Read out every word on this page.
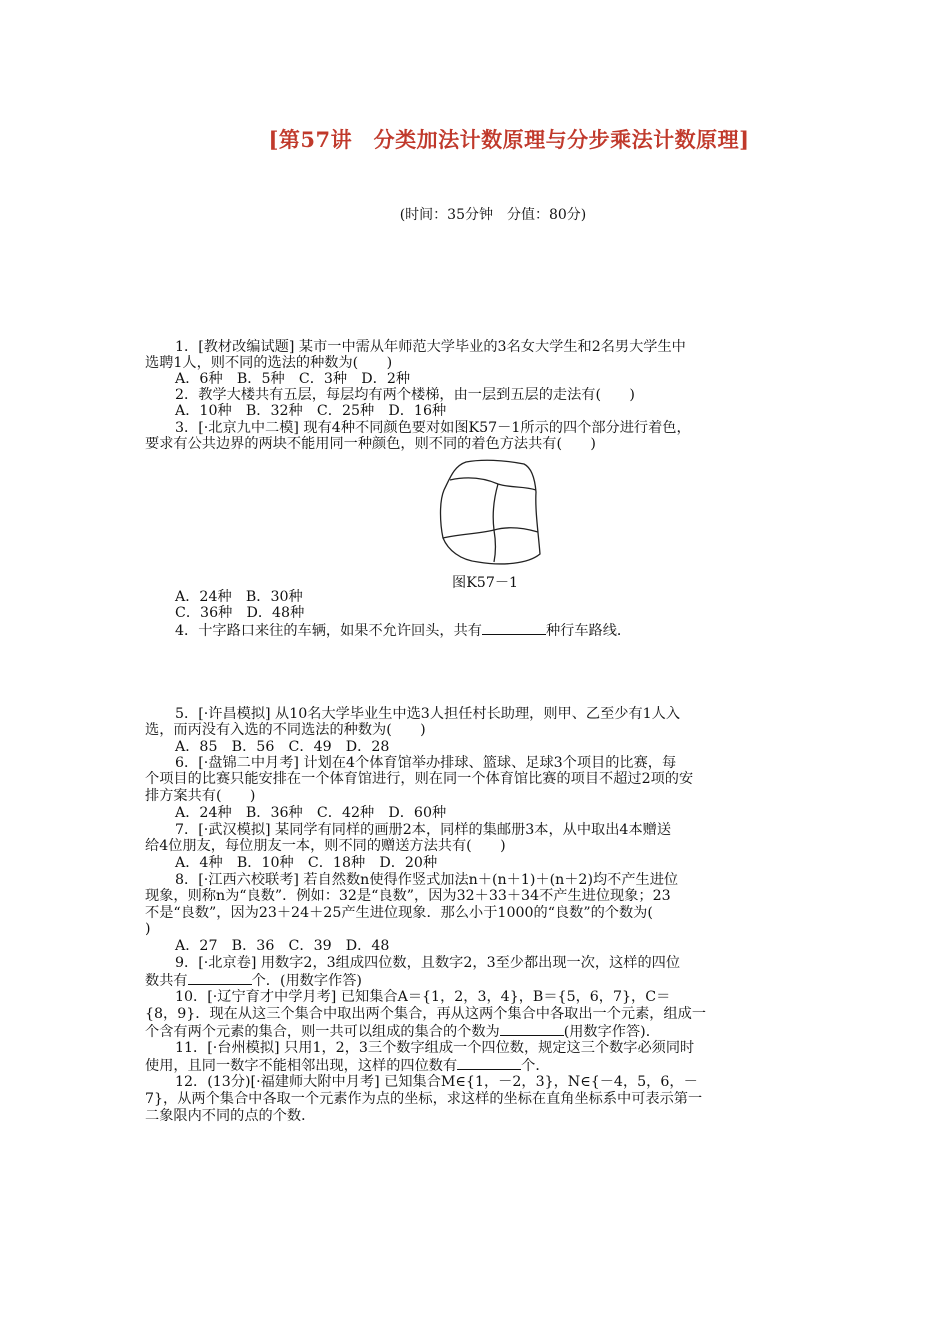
[第57讲　分类加法计数原理与分步乘法计数原理]
(时间：35分钟　分值：80分)
1．[教材改编试题] 某市一中需从年师范大学毕业的3名女大学生和2名男大学生中
选聘1人，则不同的选法的种数为(　　)
A．6种　B．5种　C．3种　D．2种
2．教学大楼共有五层，每层均有两个楼梯，由一层到五层的走法有(　　)
A．10种　B．32种　C．25种　D．16种
3．[·北京九中二模] 现有4种不同颜色要对如图K57－1所示的四个部分进行着色，
要求有公共边界的两块不能用同一种颜色，则不同的着色方法共有(　　)
图K57－1
A．24种　B．30种
C．36种　D．48种
4．十字路口来往的车辆，如果不允许回头，共有	种行车路线．
5．[·许昌模拟] 从10名大学毕业生中选3人担任村长助理，则甲、乙至少有1人入
选，而丙没有入选的不同选法的种数为(　　)
A．85　B．56　C．49　D．28
6．[·盘锦二中月考] 计划在4个体育馆举办排球、篮球、足球3个项目的比赛，每
个项目的比赛只能安排在一个体育馆进行，则在同一个体育馆比赛的项目不超过2项的安
排方案共有(　　)
A．24种　B．36种　C．42种　D．60种
7．[·武汉模拟] 某同学有同样的画册2本，同样的集邮册3本，从中取出4本赠送
给4位朋友，每位朋友一本，则不同的赠送方法共有(　　)
A．4种　B．10种　C．18种　D．20种
8．[·江西六校联考] 若自然数n使得作竖式加法n＋(n＋1)＋(n＋2)均不产生进位
现象，则称n为“良数”．例如：32是“良数”，因为32＋33＋34不产生进位现象；23
不是“良数”，因为23＋24＋25产生进位现象．那么小于1000的“良数”的个数为(
)
A．27　B．36　C．39　D．48
9．[·北京卷] 用数字2，3组成四位数，且数字2，3至少都出现一次，这样的四位
数共有	个．(用数字作答)
10．[·辽宁育才中学月考] 已知集合A＝{1，2，3，4}，B＝{5，6，7}，C＝
{8，9}．现在从这三个集合中取出两个集合，再从这两个集合中各取出一个元素，组成一
个含有两个元素的集合，则一共可以组成的集合的个数为	(用数字作答)．
11．[·台州模拟] 只用1，2，3三个数字组成一个四位数，规定这三个数字必须同时
使用，且同一数字不能相邻出现，这样的四位数有	个．
12．(13分)[·福建师大附中月考] 已知集合M∈{1，－2，3}，N∈{－4，5，6，－
7}，从两个集合中各取一个元素作为点的坐标，求这样的坐标在直角坐标系中可表示第一
二象限内不同的点的个数．
